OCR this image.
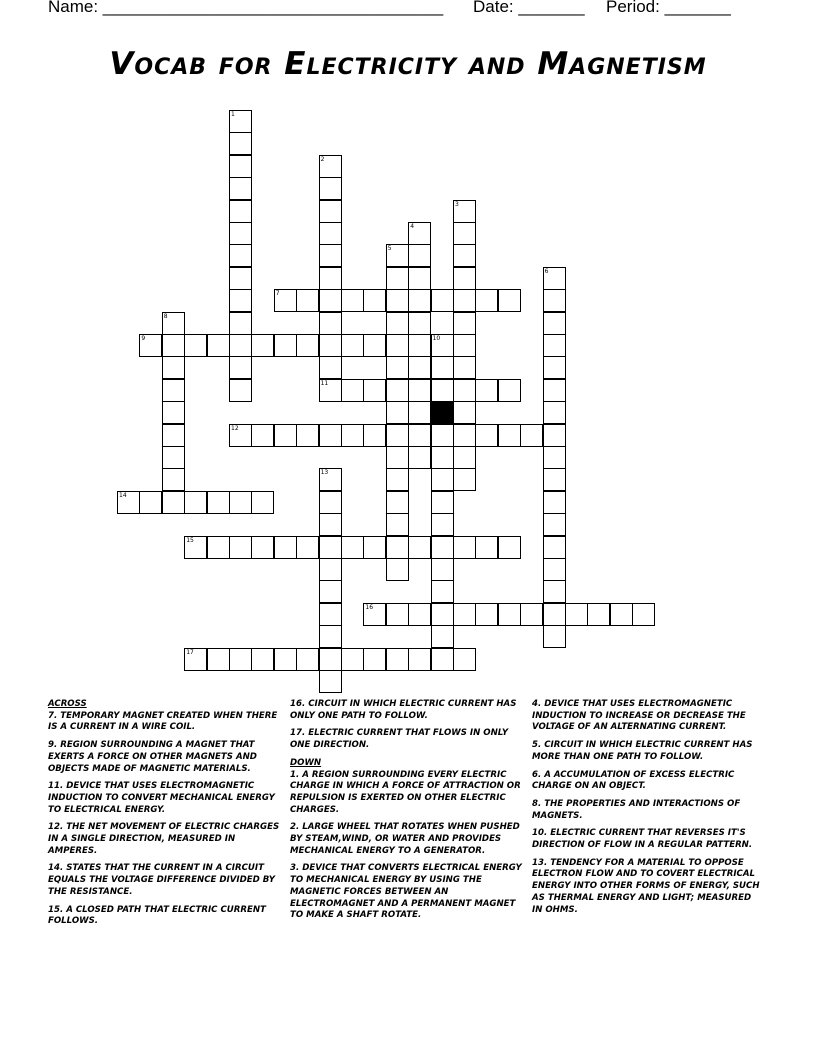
Name: ____________________________________ Date: _______ Period: _______
Vocab for Electricity and Magnetism
1
2
11
3
4
5
6
7
8
9	10
12
13
14
15
16
17

ACROSS

7. TEMPORARY MAGNET CREATED WHEN THERE IS A CURRENT IN A WIRE COIL.

9. REGION SURROUNDING A MAGNET THAT EXERTS A FORCE ON OTHER MAGNETS AND OBJECTS MADE OF MAGNETIC MATERIALS.

11. DEVICE THAT USES ELECTROMAGNETIC INDUCTION TO CONVERT MECHANICAL ENERGY TO ELECTRICAL ENERGY.

12. THE NET MOVEMENT OF ELECTRIC CHARGES IN A SINGLE DIRECTION, MEASURED IN AMPERES.

14. STATES THAT THE CURRENT IN A CIRCUIT EQUALS THE VOLTAGE DIFFERENCE DIVIDED BY THE RESISTANCE.

15. A CLOSED PATH THAT ELECTRIC CURRENT FOLLOWS.

16. CIRCUIT IN WHICH ELECTRIC CURRENT HAS ONLY ONE PATH TO FOLLOW.

17. ELECTRIC CURRENT THAT FLOWS IN ONLY ONE DIRECTION.

DOWN

1. A REGION SURROUNDING EVERY ELECTRIC CHARGE IN WHICH A FORCE OF ATTRACTION OR REPULSION IS EXERTED ON OTHER ELECTRIC CHARGES.

2. LARGE WHEEL THAT ROTATES WHEN PUSHED BY STEAM,WIND, OR WATER AND PROVIDES MECHANICAL ENERGY TO A GENERATOR.

3. DEVICE THAT CONVERTS ELECTRICAL ENERGY TO MECHANICAL ENERGY BY USING THE MAGNETIC FORCES BETWEEN AN ELECTROMAGNET AND A PERMANENT MAGNET TO MAKE A SHAFT ROTATE.

4. DEVICE THAT USES ELECTROMAGNETIC INDUCTION TO INCREASE OR DECREASE THE VOLTAGE OF AN ALTERNATING CURRENT.

5. CIRCUIT IN WHICH ELECTRIC CURRENT HAS MORE THAN ONE PATH TO FOLLOW.

6. A ACCUMULATION OF EXCESS ELECTRIC CHARGE ON AN OBJECT.

8. THE PROPERTIES AND INTERACTIONS OF MAGNETS.

10. ELECTRIC CURRENT THAT REVERSES IT'S DIRECTION OF FLOW IN A REGULAR PATTERN.

13. TENDENCY FOR A MATERIAL TO OPPOSE ELECTRON FLOW AND TO COVERT ELECTRICAL ENERGY INTO OTHER FORMS OF ENERGY, SUCH AS THERMAL ENERGY AND LIGHT; MEASURED IN OHMS.
